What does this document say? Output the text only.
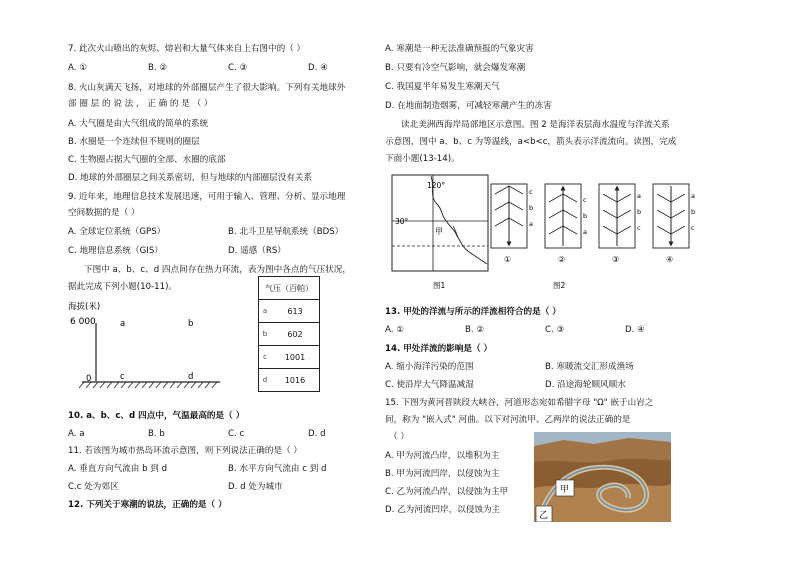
7. 此次火山喷出的灰烬、熔岩和大量气体来自上右图中的（ ）
A. ①	B. ②	C. ③	D. ④
8. 火山灰满天飞扬，对地球的外部圈层产生了很大影响。下列有关地球外
部 圈 层 的 说 法 ， 正 确 的 是 （ ）
A. 大气圈是由大气组成的简单的系统
B. 水圈是一个连续但不规则的圈层
C. 生物圈占据大气圈的全部、水圈的底部
D. 地球的外部圈层之间关系密切，但与地球的内部圈层没有关系
9. 近年来，地理信息技术发展迅速，可用于输入、管理、分析、显示地理
空间数据的是（ ）
A. 全球定位系统（GPS）	B. 北斗卫星导航系统（BDS）
C. 地理信息系统（GIS）	D. 遥感（RS）
下图中 a、b、c、d 四点间存在热力环流，表为图中各点的气压状况，
据此完成下列小题(10-11)。
海拔(米)
6 000
0
a	b
c	d
气压（百帕）	
a	613
b	602
c	1001
d	1016
10. a、b、c、d 四点中，气温最高的是（ ）
A. a	B. b	C. c	D. d
11. 若该图为城市热岛环流示意图，则下列说法正确的是（ ）
A. 垂直方向气流由 b 到 d	B. 水平方向气流由 c 到 d
C.c 处为郊区	D. d 处为城市
12. 下列关于寒潮的说法，正确的是（ ）
A. 寒潮是一种无法准确预报的气象灾害
B. 只要有冷空气影响，就会爆发寒潮
C. 我国夏半年易发生寒潮天气
D. 在地面制造烟雾，可减轻寒潮产生的冻害
读北美洲西海岸局部地区示意图。图 2 是海洋表层海水温度与洋流关系
示意图，图中 a、b、c 为等温线，a<b<c，箭头表示洋流流向。读图，完成
下面小题(13-14)。
120°
30°
甲
图1
c
b
a
①
c
b
a
②
a
b
c
③
a
b
c
④
图2
13. 甲处的洋流与所示的洋流相符合的是（ ）
A. ①	B. ②	C. ③	D. ④
14. 甲处洋流的影响是（ ）
A. 缩小海洋污染的范围	B. 寒暖流交汇形成渔场
C. 使沿岸大气降温减湿	D. 沿途海轮顺风顺水
15. 下图为黄河晋陕段大峡谷，河道形态宛如希腊字母 "Ω" 嵌于山岩之
间，称为 "嵌入式" 河曲。以下对河流甲、乙两岸的说法正确的是
（ ）
A. 甲为河流凸岸，以堆积为主
B. 甲为河流凹岸，以侵蚀为主
C. 乙为河流凸岸，以侵蚀为主甲
D. 乙为河流凹岸，以侵蚀为主
甲
乙
